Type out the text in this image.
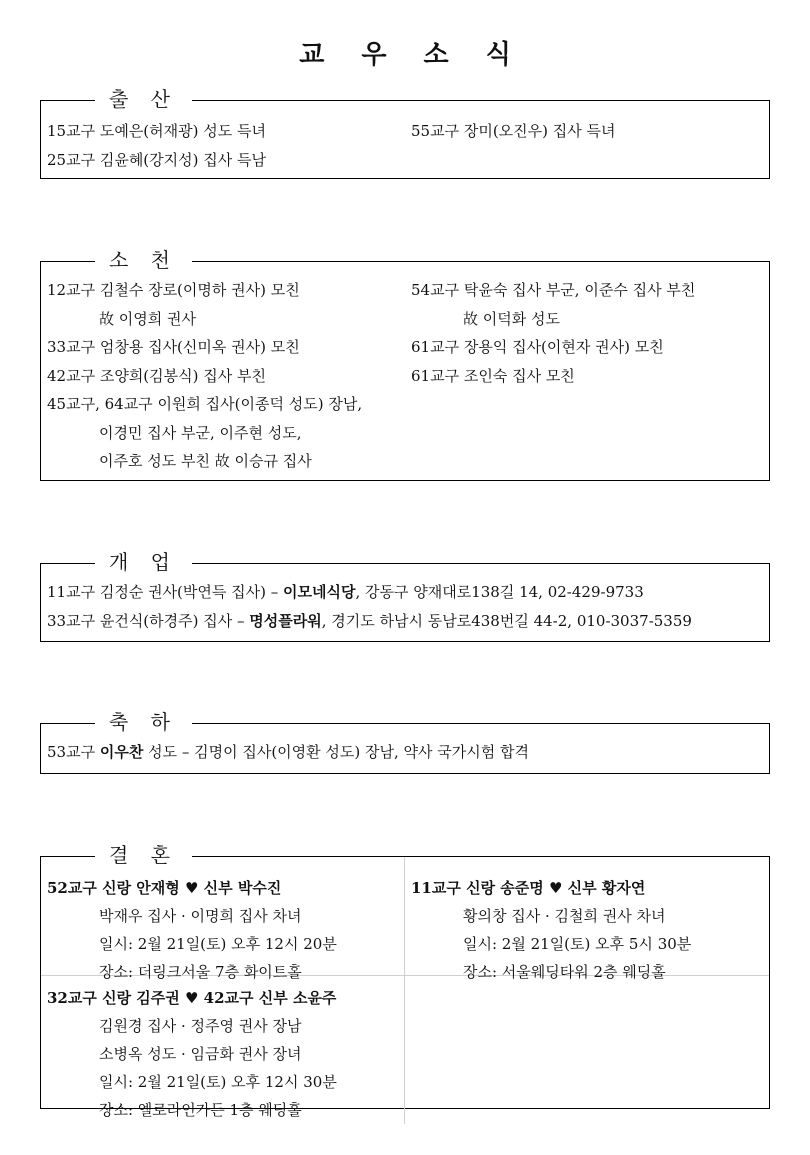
교 우 소 식
출 산
15교구 도예은(허재광) 성도 득녀	55교구 장미(오진우) 집사 득녀
25교구 김윤혜(강지성) 집사 득남
소 천
12교구 김철수 장로(이명하 권사) 모친	54교구 탁윤숙 집사 부군, 이준수 집사 부친
故 이영희 권사	故 이덕화 성도
33교구 엄창용 집사(신미옥 권사) 모친	61교구 장용익 집사(이현자 권사) 모친
42교구 조양희(김봉식) 집사 부친	61교구 조인숙 집사 모친
45교구, 64교구 이원희 집사(이종덕 성도) 장남,
이경민 집사 부군, 이주현 성도,
이주호 성도 부친 故 이승규 집사
개 업
11교구 김정순 권사(박연득 집사) – 이모네식당 , 강동구 양재대로138길 14, 02-429-9733
33교구 윤건식(하경주) 집사 – 명성플라워 , 경기도 하남시 동남로438번길 44-2, 010-3037-5359
축 하
53교구 이우찬 성도 – 김명이 집사(이영환 성도) 장남, 약사 국가시험 합격
결 혼
52교구 신랑 안재형 ♥ 신부 박수진
박재우 집사 · 이명희 집사 차녀
일시: 2월 21일(토) 오후 12시 20분
장소: 더링크서울 7층 화이트홀
11교구 신랑 송준명 ♥ 신부 황자연
황의창 집사 · 김철희 권사 차녀
일시: 2월 21일(토) 오후 5시 30분
장소: 서울웨딩타워 2층 웨딩홀
32교구 신랑 김주권 ♥ 42교구 신부 소윤주
김원경 집사 · 정주영 권사 장남
소병옥 성도 · 임금화 권사 장녀
일시: 2월 21일(토) 오후 12시 30분
장소: 엘로라인가든 1층 웨딩홀
